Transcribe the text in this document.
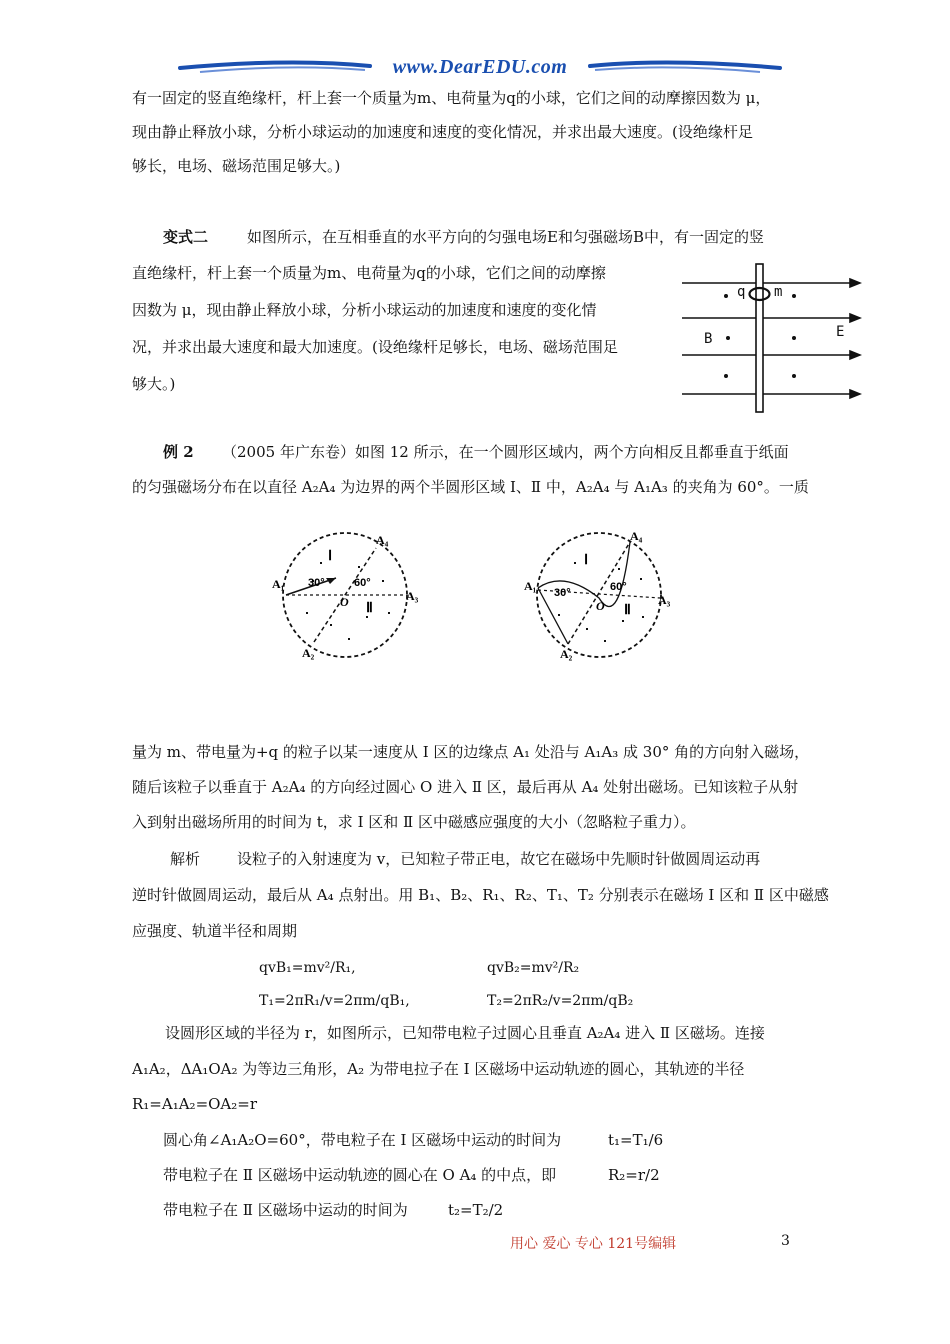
www.DearEDU.com
有一固定的竖直绝缘杆，杆上套一个质量为m、电荷量为q的小球，它们之间的动摩擦因数为 μ，
现由静止释放小球，分析小球运动的加速度和速度的变化情况，并求出最大速度。(设绝缘杆足
够长，电场、磁场范围足够大。)
变式二	如图所示，在互相垂直的水平方向的匀强电场E和匀强磁场B中，有一固定的竖
直绝缘杆，杆上套一个质量为m、电荷量为q的小球，它们之间的动摩擦
因数为 μ，现由静止释放小球，分析小球运动的加速度和速度的变化情
况，并求出最大速度和最大加速度。(设绝缘杆足够长，电场、磁场范围足
够大。)
q m
B	E
例 2 （2005 年广东卷）如图 12 所示，在一个圆形区域内，两个方向相反且都垂直于纸面
的匀强磁场分布在以直径 A₂A₄ 为边界的两个半圆形区域 Ⅰ、Ⅱ 中，A₂A₄ 与 A₁A₃ 的夹角为 60°。一质
A₁
A₂
A₃
A₄
O
Ⅰ
Ⅱ
30°	60°	A₁
A₂
A₃
A₄
O
Ⅰ
Ⅱ
30°	60°
量为 m、带电量为+q 的粒子以某一速度从 Ⅰ 区的边缘点 A₁ 处沿与 A₁A₃ 成 30° 角的方向射入磁场，
随后该粒子以垂直于 A₂A₄ 的方向经过圆心 O 进入 Ⅱ 区，最后再从 A₄ 处射出磁场。已知该粒子从射
入到射出磁场所用的时间为 t，求 Ⅰ 区和 Ⅱ 区中磁感应强度的大小（忽略粒子重力）。
解析 设粒子的入射速度为 v，已知粒子带正电，故它在磁场中先顺时针做圆周运动再
逆时针做圆周运动，最后从 A₄ 点射出。用 B₁、B₂、R₁、R₂、T₁、T₂ 分别表示在磁场 Ⅰ 区和 Ⅱ 区中磁感
应强度、轨道半径和周期
qvB₁=mv²/R₁,	qvB₂=mv²/R₂
T₁=2πR₁/v=2πm/qB₁,	T₂=2πR₂/v=2πm/qB₂
设圆形区域的半径为 r，如图所示，已知带电粒子过圆心且垂直 A₂A₄ 进入 Ⅱ 区磁场。连接
A₁A₂，ΔA₁OA₂ 为等边三角形，A₂ 为带电拉子在 Ⅰ 区磁场中运动轨迹的圆心，其轨迹的半径
R₁=A₁A₂=OA₂=r
圆心角∠A₁A₂O=60°，带电粒子在 Ⅰ 区磁场中运动的时间为	t₁=T₁/6
带电粒子在 Ⅱ 区磁场中运动轨迹的圆心在 O A₄ 的中点，即	R₂=r/2
带电粒子在 Ⅱ 区磁场中运动的时间为	t₂=T₂/2
用心 爱心 专心 121号编辑	3
